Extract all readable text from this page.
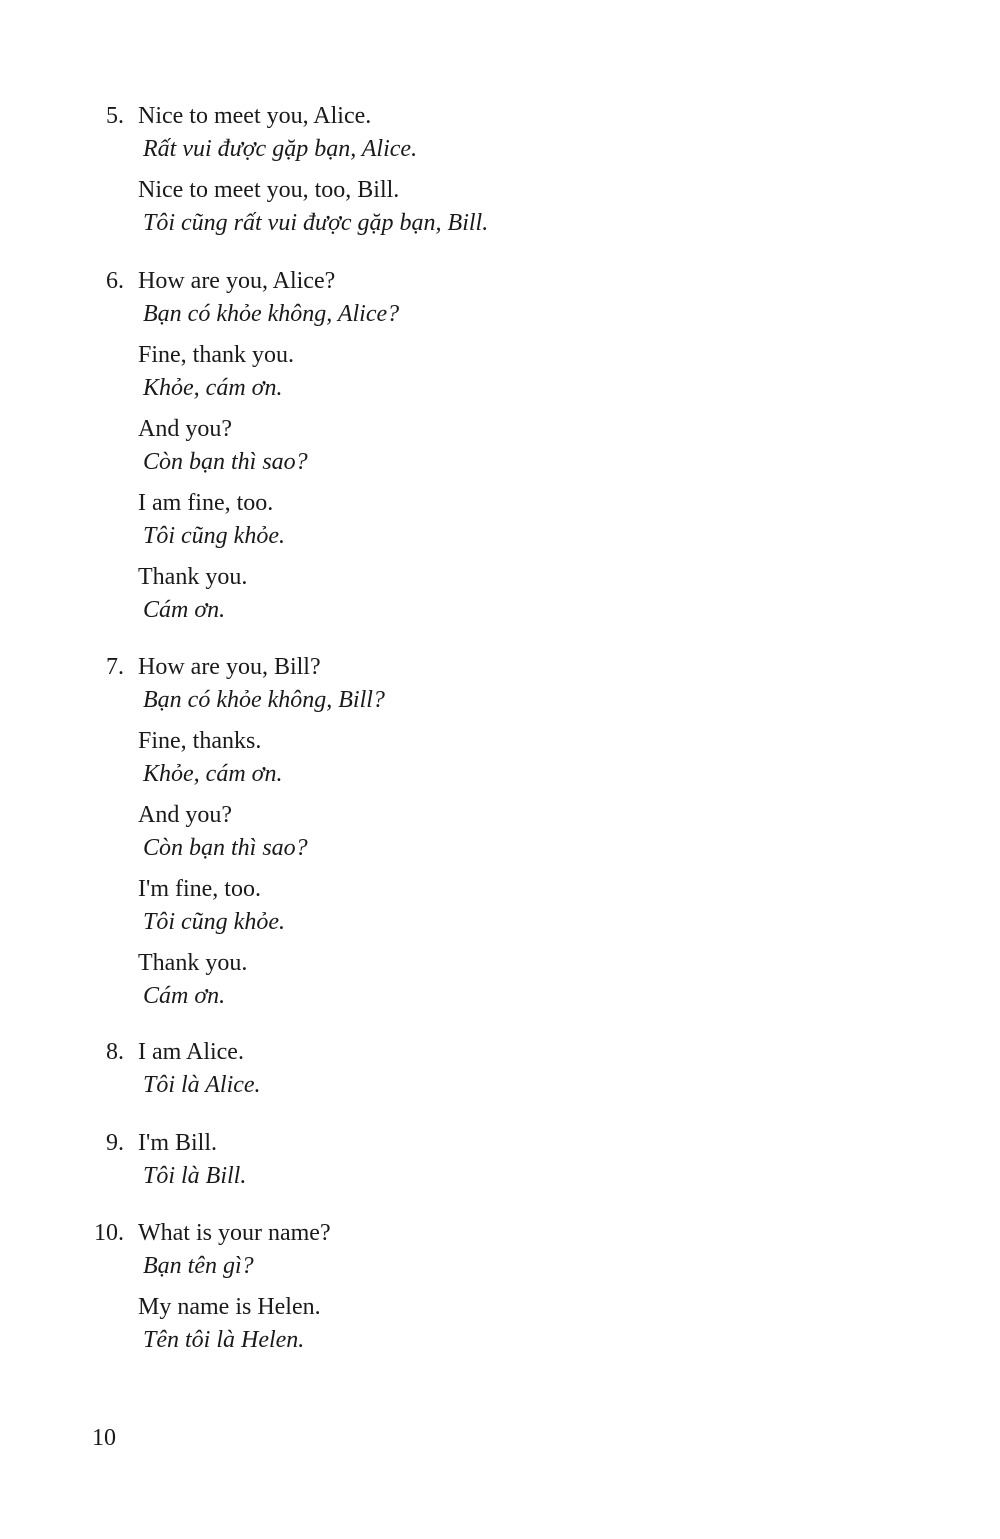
5. Nice to meet you, Alice.
Rất vui được gặp bạn, Alice.
Nice to meet you, too, Bill.
Tôi cũng rất vui được gặp bạn, Bill.
6. How are you, Alice?
Bạn có khỏe không, Alice?
Fine, thank you.
Khỏe, cám ơn.
And you?
Còn bạn thì sao?
I am fine, too.
Tôi cũng khỏe.
Thank you.
Cám ơn.
7. How are you, Bill?
Bạn có khỏe không, Bill?
Fine, thanks.
Khỏe, cám ơn.
And you?
Còn bạn thì sao?
I'm fine, too.
Tôi cũng khỏe.
Thank you.
Cám ơn.
8. I am Alice.
Tôi là Alice.
9. I'm Bill.
Tôi là Bill.
10. What is your name?
Bạn tên gì?
My name is Helen.
Tên tôi là Helen.
10
